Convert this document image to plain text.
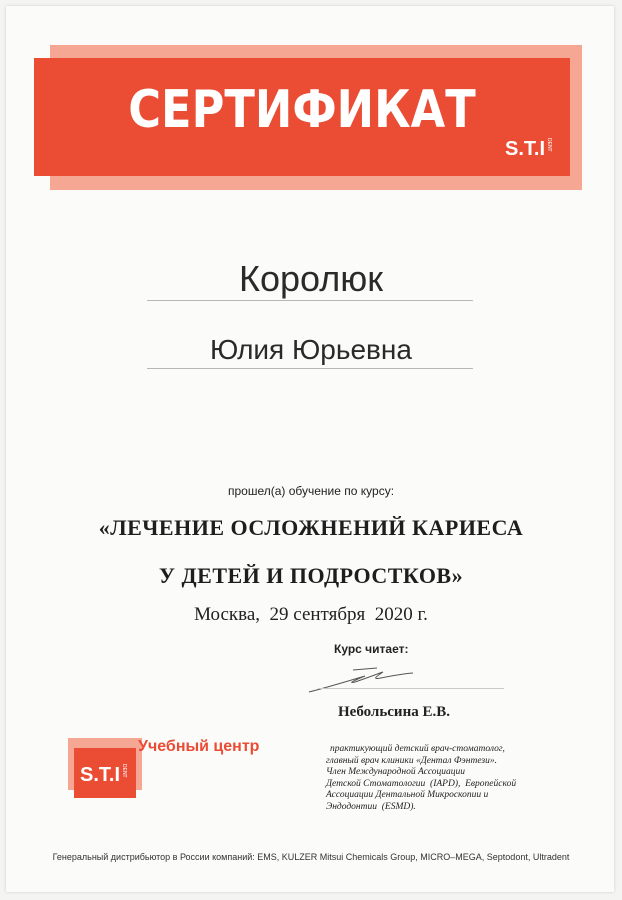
СЕРТИФИКАТ
S.T.IDENT
Королюк
Юлия Юрьевна
прошел(а) обучение по курсу:
«ЛЕЧЕНИЕ ОСЛОЖНЕНИЙ КАРИЕСА
У ДЕТЕЙ И ПОДРОСТКОВ»
Москва,  29 сентября  2020 г.
Курс читает:
Небольсина Е.В.
практикующий детский врач-стоматолог,
главный врач клиники «Дентал Фэнтези».
Член Международной Ассоциации
Детской Стоматологии  (IAPD),  Европейской
Ассоциации Дентальной Микроскопии и
Эндодонтии  (ESMD).
S.T.IDENT
Учебный центр
Генеральный дистрибьютор в России компаний: EMS, KULZER Mitsui Chemicals Group, MICRO–MEGA, Septodont, Ultradent
